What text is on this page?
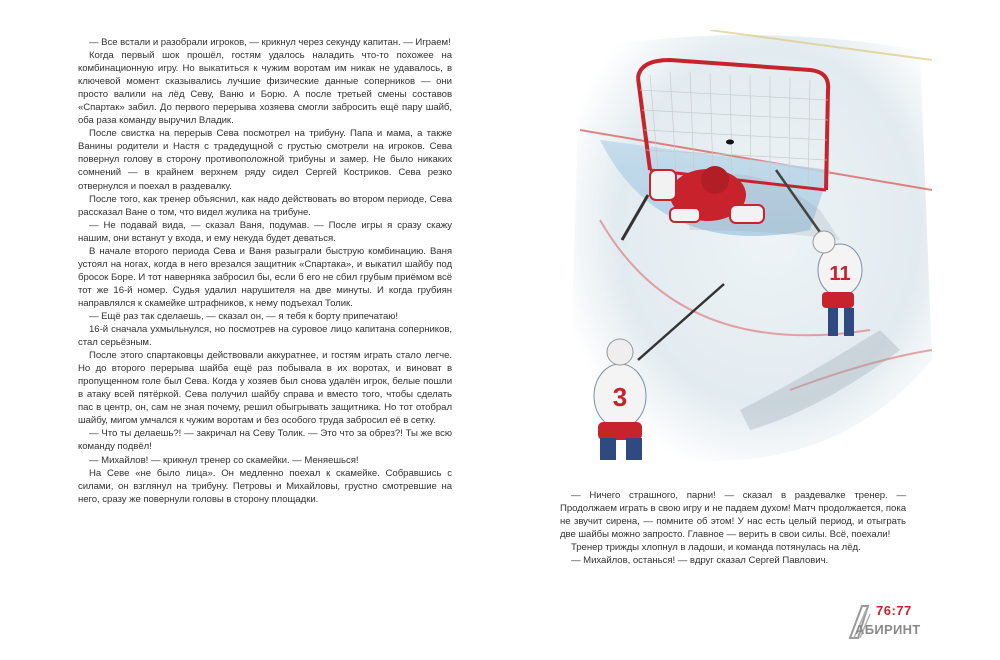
— Все встали и разобрали игроков, — крикнул через секунду капитан. — Играем!

Когда первый шок прошёл, гостям удалось наладить что-то похожее на комбинационную игру. Но выкатиться к чужим воротам им никак не удавалось, в ключевой момент сказывались лучшие физические данные соперников — они просто валили на лёд Севу, Ваню и Борю. А после третьей смены составов «Спартак» забил. До первого перерыва хозяева смогли забросить ещё пару шайб, оба раза команду выручил Владик.

После свистка на перерыв Сева посмотрел на трибуну. Папа и мама, а также Ванины родители и Настя с традедущной с грустью смотрели на игроков. Сева повернул голову в сторону противоположной трибуны и замер. Не было никаких сомнений — в крайнем верхнем ряду сидел Сергей Костриков. Сева резко отвернулся и поехал в раздевалку.

После того, как тренер объяснил, как надо действовать во втором периоде, Сева рассказал Ване о том, что видел жулика на трибуне.

— Не подавай вида, — сказал Ваня, подумав. — После игры я сразу скажу нашим, они встанут у входа, и ему некуда будет деваться.

В начале второго периода Сева и Ваня разыграли быструю комбинацию. Ваня устоял на ногах, когда в него врезался защитник «Спартака», и выкатил шайбу под бросок Боре. И тот наверняка забросил бы, если б его не сбил грубым приёмом всё тот же 16-й номер. Судья удалил нарушителя на две минуты. И когда грубиян направлялся к скамейке штрафников, к нему подъехал Толик.

— Ещё раз так сделаешь, — сказал он, — я тебя к борту припечатаю!

16-й сначала ухмыльнулся, но посмотрев на суровое лицо капитана соперников, стал серьёзным.

После этого спартаковцы действовали аккуратнее, и гостям играть стало легче. Но до второго перерыва шайба ещё раз побывала в их воротах, и виноват в пропущенном голе был Сева. Когда у хозяев был снова удалён игрок, белые пошли в атаку всей пятёркой. Сева получил шайбу справа и вместо того, чтобы сделать пас в центр, он, сам не зная почему, решил обыгрывать защитника. Но тот отобрал шайбу, мигом умчался к чужим воротам и без особого труда забросил её в сетку.

— Что ты делаешь?! — закричал на Севу Толик. — Это что за обрез?! Ты же всю команду подвёл!

— Михайлов! — крикнул тренер со скамейки. — Меняешься!

На Севе «не было лица». Он медленно поехал к скамейке. Собравшись с силами, он взглянул на трибуну. Петровы и Михайловы, грустно смотревшие на него, сразу же повернули головы в сторону площадки.

11
3

— Ничего страшного, парни! — сказал в раздевалке тренер. — Продолжаем играть в свою игру и не падаем духом! Матч продолжается, пока не звучит сирена, — помните об этом! У нас есть целый период, и отыграть две шайбы можно запросто. Главное — верить в свои силы. Всё, поехали!

Тренер трижды хлопнул в ладоши, и команда потянулась на лёд.

— Михайлов, останься! — вдруг сказал Сергей Павлович.

76:77
АБИРИНТ
